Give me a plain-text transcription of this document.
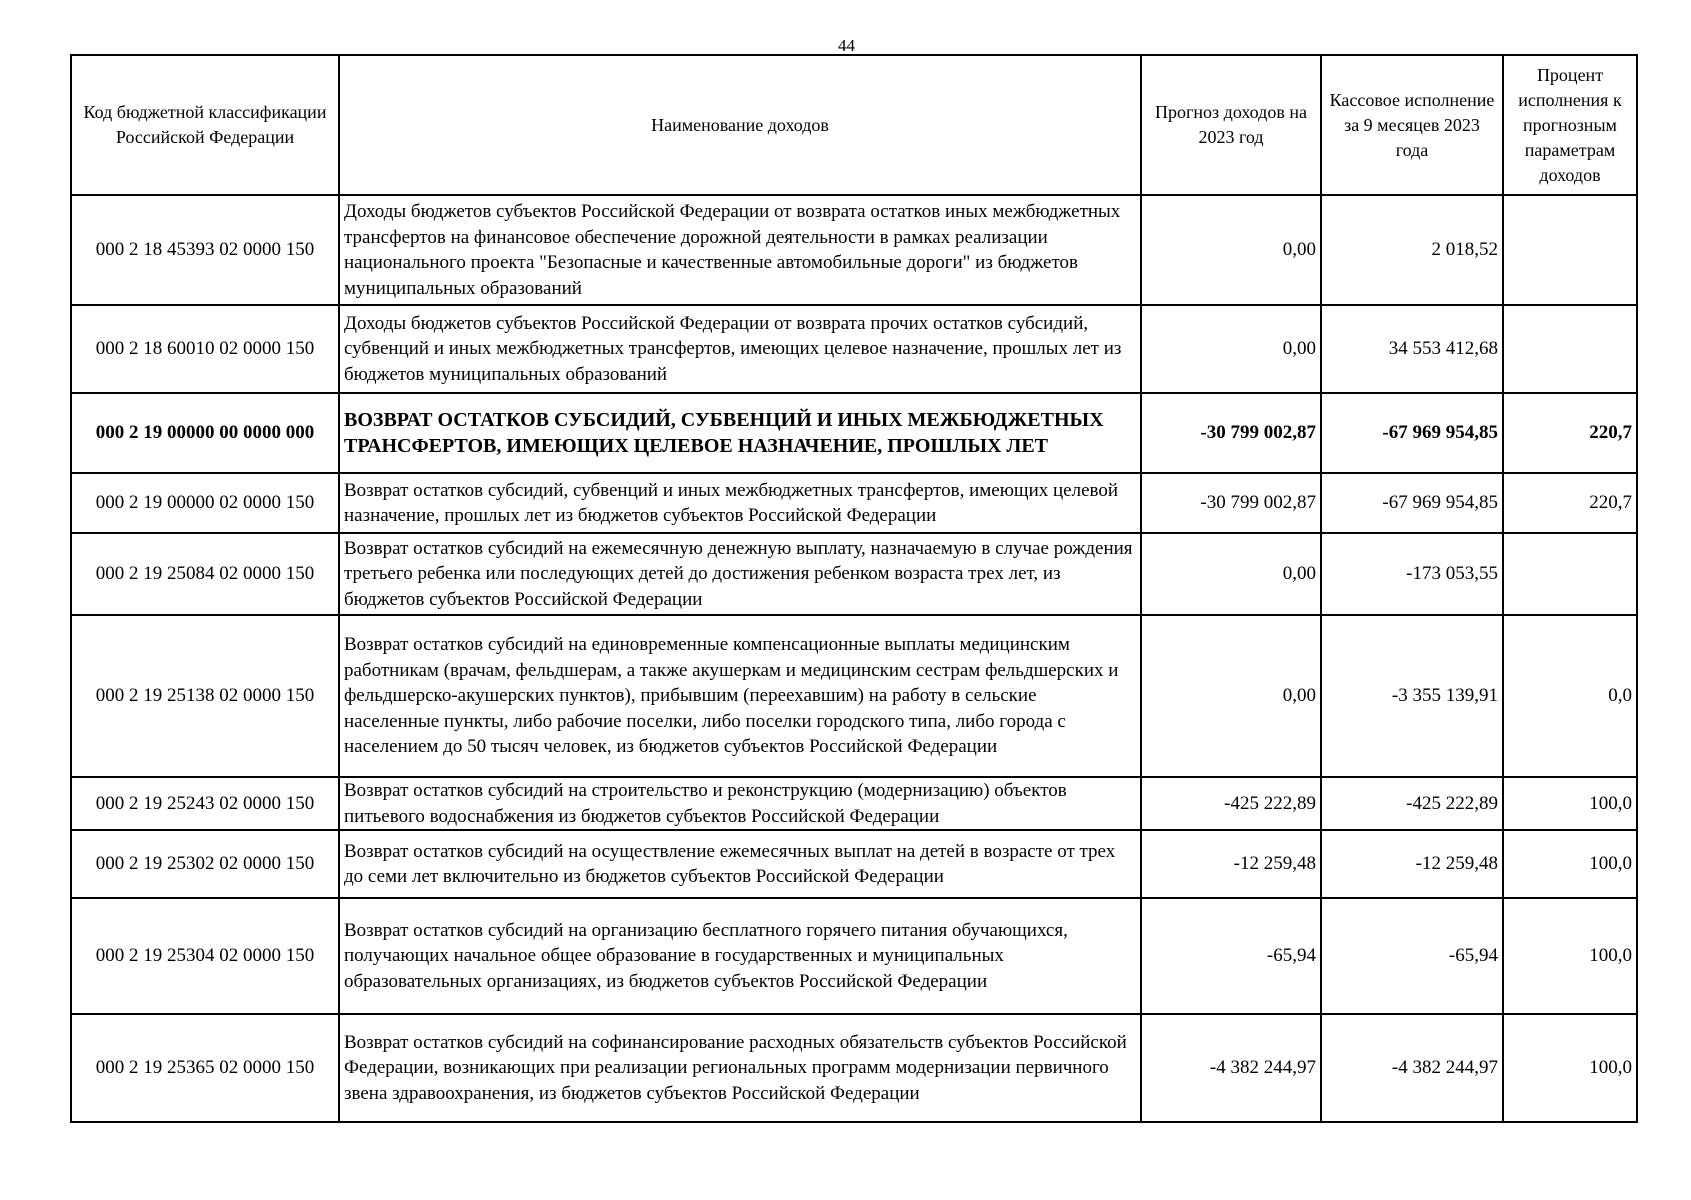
44
Код бюджетной классификации Российской Федерации	Наименование доходов	Прогноз доходов на 2023 год	Кассовое исполнение за 9 месяцев 2023 года	Процент исполнения к прогнозным параметрам доходов
000 2 18 45393 02 0000 150	Доходы бюджетов субъектов Российской Федерации от возврата остатков иных межбюджетных трансфертов на финансовое обеспечение дорожной деятельности в рамках реализации национального проекта "Безопасные и качественные автомобильные дороги" из бюджетов муниципальных образований	0,00	2 018,52	
000 2 18 60010 02 0000 150	Доходы бюджетов субъектов Российской Федерации от возврата прочих остатков субсидий, субвенций и иных межбюджетных трансфертов, имеющих целевое назначение, прошлых лет из бюджетов муниципальных образований	0,00	34 553 412,68	
000 2 19 00000 00 0000 000	ВОЗВРАТ ОСТАТКОВ СУБСИДИЙ, СУБВЕНЦИЙ И ИНЫХ МЕЖБЮДЖЕТНЫХ ТРАНСФЕРТОВ, ИМЕЮЩИХ ЦЕЛЕВОЕ НАЗНАЧЕНИЕ, ПРОШЛЫХ ЛЕТ	-30 799 002,87	-67 969 954,85	220,7
000 2 19 00000 02 0000 150	Возврат остатков субсидий, субвенций и иных межбюджетных трансфертов, имеющих целевой назначение, прошлых лет из бюджетов субъектов Российской Федерации	-30 799 002,87	-67 969 954,85	220,7
000 2 19 25084 02 0000 150	Возврат остатков субсидий на ежемесячную денежную выплату, назначаемую в случае рождения третьего ребенка или последующих детей до достижения ребенком возраста трех лет, из бюджетов субъектов Российской Федерации	0,00	-173 053,55	
000 2 19 25138 02 0000 150	Возврат остатков субсидий на единовременные компенсационные выплаты медицинским работникам (врачам, фельдшерам, а также акушеркам и медицинским сестрам фельдшерских и фельдшерско-акушерских пунктов), прибывшим (переехавшим) на работу в сельские населенные пункты, либо рабочие поселки, либо поселки городского типа, либо города с населением до 50 тысяч человек, из бюджетов субъектов Российской Федерации	0,00	-3 355 139,91	0,0
000 2 19 25243 02 0000 150	Возврат остатков субсидий на строительство и реконструкцию (модернизацию) объектов питьевого водоснабжения из бюджетов субъектов Российской Федерации	-425 222,89	-425 222,89	100,0
000 2 19 25302 02 0000 150	Возврат остатков субсидий на осуществление ежемесячных выплат на детей в возрасте от трех до семи лет включительно из бюджетов субъектов Российской Федерации	-12 259,48	-12 259,48	100,0
000 2 19 25304 02 0000 150	Возврат остатков субсидий на организацию бесплатного горячего питания обучающихся, получающих начальное общее образование в государственных и муниципальных образовательных организациях, из бюджетов субъектов Российской Федерации	-65,94	-65,94	100,0
000 2 19 25365 02 0000 150	Возврат остатков субсидий на софинансирование расходных обязательств субъектов Российской Федерации, возникающих при реализации региональных программ модернизации первичного звена здравоохранения, из бюджетов субъектов Российской Федерации	-4 382 244,97	-4 382 244,97	100,0
